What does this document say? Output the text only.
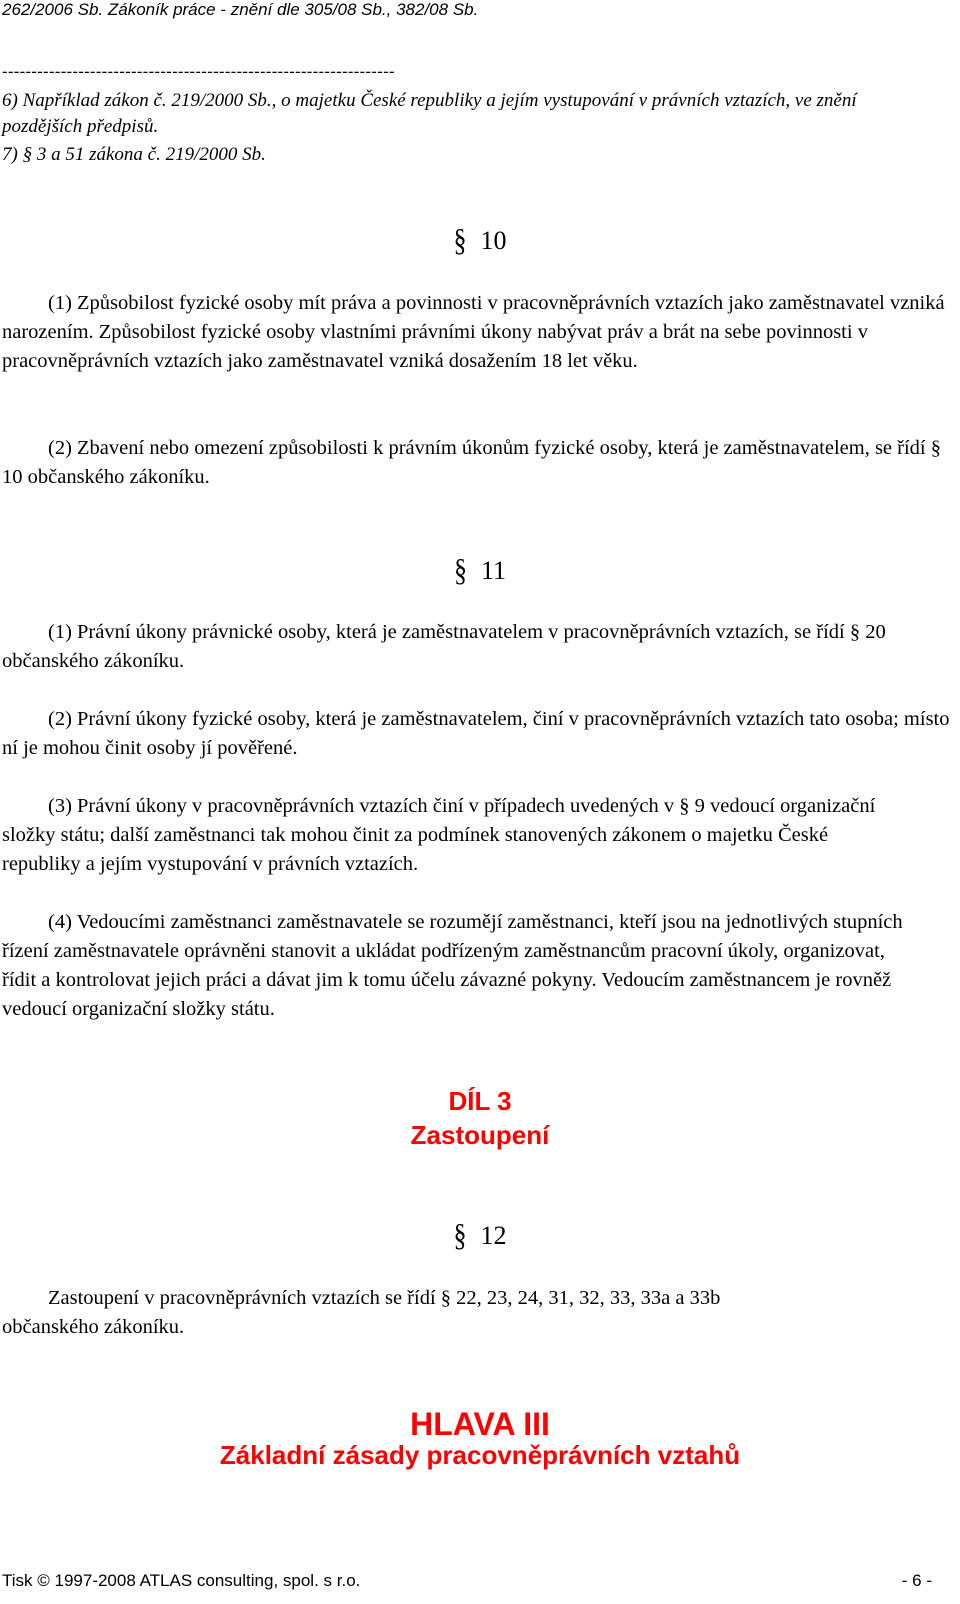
262/2006 Sb. Zákoník práce - znění dle 305/08 Sb., 382/08 Sb.
-------------------------------------------------------------------
6) Například zákon č. 219/2000 Sb., o majetku České republiky a jejím vystupování v právních vztazích, ve znění pozdějších předpisů.
7) § 3 a 51 zákona č. 219/2000 Sb.
§ 10
(1) Způsobilost fyzické osoby mít práva a povinnosti v pracovněprávních vztazích jako zaměstnavatel vzniká narozením. Způsobilost fyzické osoby vlastními právními úkony nabývat práv a brát na sebe povinnosti v pracovněprávních vztazích jako zaměstnavatel vzniká dosažením 18 let věku.
(2) Zbavení nebo omezení způsobilosti k právním úkonům fyzické osoby, která je zaměstnavatelem, se řídí § 10 občanského zákoníku.
§ 11
(1) Právní úkony právnické osoby, která je zaměstnavatelem v pracovněprávních vztazích, se řídí § 20 občanského zákoníku.
(2) Právní úkony fyzické osoby, která je zaměstnavatelem, činí v pracovněprávních vztazích tato osoba; místo ní je mohou činit osoby jí pověřené.
(3) Právní úkony v pracovněprávních vztazích činí v případech uvedených v § 9 vedoucí organizační složky státu; další zaměstnanci tak mohou činit za podmínek stanovených zákonem o majetku České republiky a jejím vystupování v právních vztazích.
(4) Vedoucími zaměstnanci zaměstnavatele se rozumějí zaměstnanci, kteří jsou na jednotlivých stupních řízení zaměstnavatele oprávněni stanovit a ukládat podřízeným zaměstnancům pracovní úkoly, organizovat, řídit a kontrolovat jejich práci a dávat jim k tomu účelu závazné pokyny. Vedoucím zaměstnancem je rovněž vedoucí organizační složky státu.
DÍL 3
Zastoupení
§ 12
Zastoupení v pracovněprávních vztazích se řídí § 22, 23, 24, 31, 32, 33, 33a a 33b občanského zákoníku.
HLAVA III
Základní zásady pracovněprávních vztahů
Tisk © 1997-2008 ATLAS consulting, spol. s r.o.	- 6 -
